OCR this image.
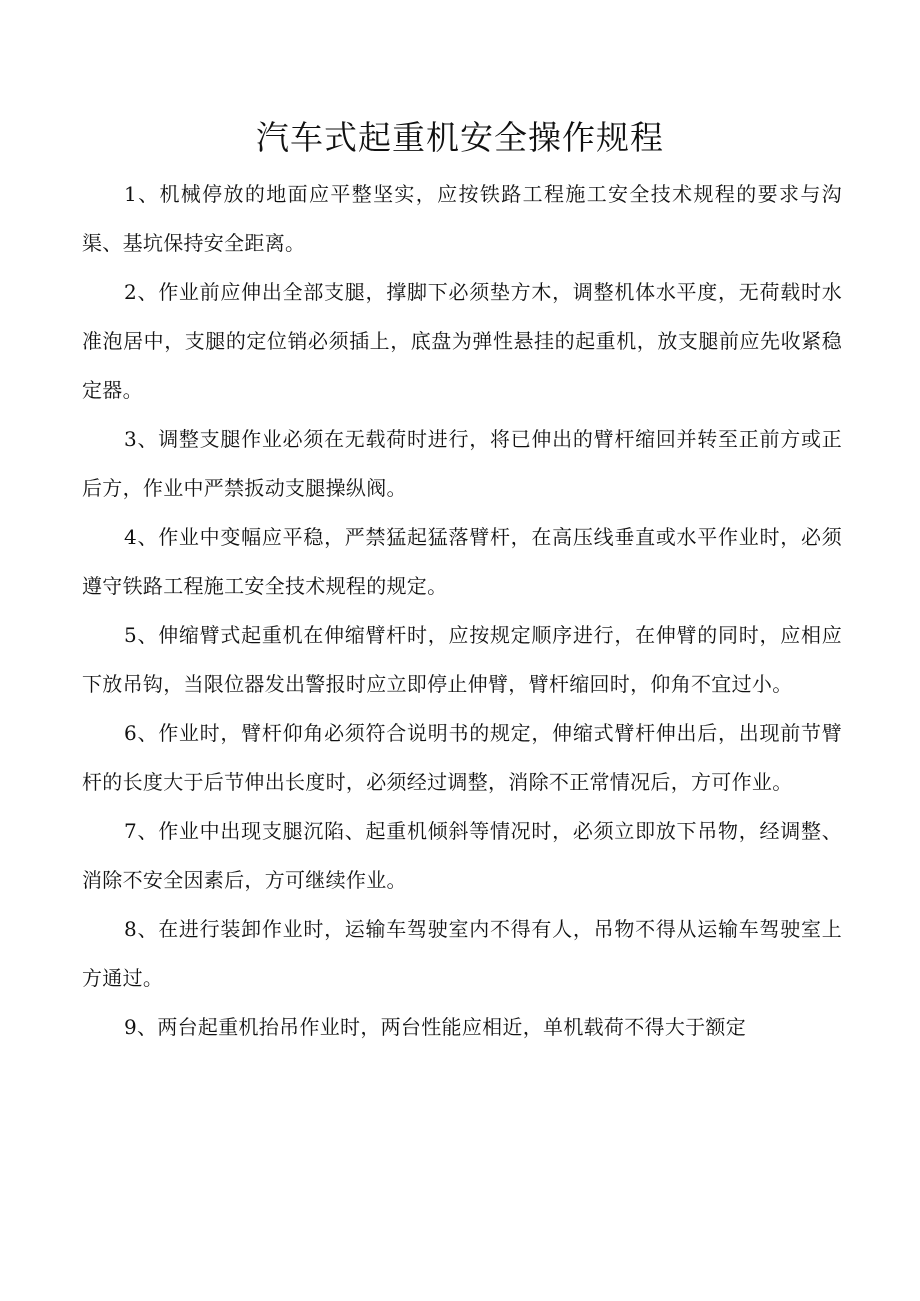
汽车式起重机安全操作规程

1、机械停放的地面应平整坚实，应按铁路工程施工安全技术规程的要求与沟渠、基坑保持安全距离。

2、作业前应伸出全部支腿，撑脚下必须垫方木，调整机体水平度，无荷载时水准泡居中，支腿的定位销必须插上，底盘为弹性悬挂的起重机，放支腿前应先收紧稳定器。

3、调整支腿作业必须在无载荷时进行，将已伸出的臂杆缩回并转至正前方或正后方，作业中严禁扳动支腿操纵阀。

4、作业中变幅应平稳，严禁猛起猛落臂杆，在高压线垂直或水平作业时，必须遵守铁路工程施工安全技术规程的规定。

5、伸缩臂式起重机在伸缩臂杆时，应按规定顺序进行，在伸臂的同时，应相应下放吊钩，当限位器发出警报时应立即停止伸臂，臂杆缩回时，仰角不宜过小。

6、作业时，臂杆仰角必须符合说明书的规定，伸缩式臂杆伸出后，出现前节臂杆的长度大于后节伸出长度时，必须经过调整，消除不正常情况后，方可作业。

7、作业中出现支腿沉陷、起重机倾斜等情况时，必须立即放下吊物，经调整、消除不安全因素后，方可继续作业。

8、在进行装卸作业时，运输车驾驶室内不得有人，吊物不得从运输车驾驶室上方通过。

9、两台起重机抬吊作业时，两台性能应相近，单机载荷不得大于额定
